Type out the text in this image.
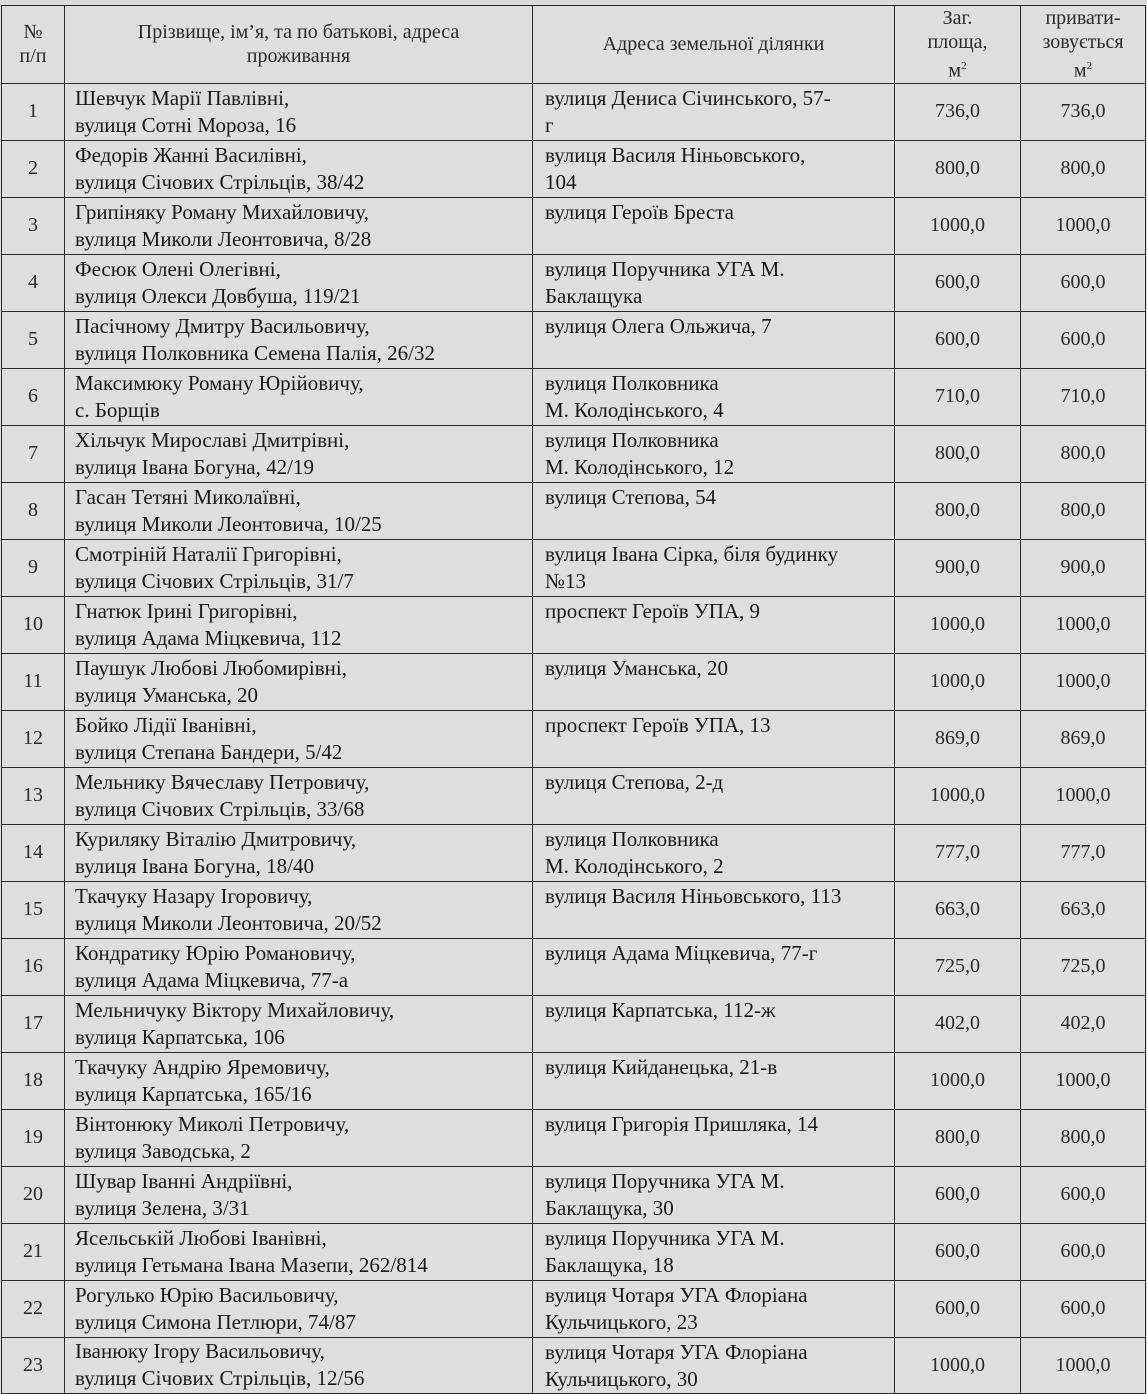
№
п/п	Прізвище, ім’я, та по батькові, адреса
проживання	Адреса земельної ділянки	Заг.
площа,
$м^2$	привати-
зовується
$м^2$

1	Шевчук Марії Павлівні,
вулиця Сотні Мороза, 16	вулиця Дениса Січинського, 57-
г	736,0	736,0
2	Федорів Жанні Василівні,
вулиця Січових Стрільців, 38/42	вулиця Василя Ніньовського,
104	800,0	800,0
3	Грипіняку Роману Михайловичу,
вулиця Миколи Леонтовича, 8/28	вулиця Героїв Бреста	1000,0	1000,0
4	Фесюк Олені Олегівні,
вулиця Олекси Довбуша, 119/21	вулиця Поручника УГА М.
Баклащука	600,0	600,0
5	Пасічному Дмитру Васильовичу,
вулиця Полковника Семена Палія, 26/32	вулиця Олега Ольжича, 7	600,0	600,0
6	Максимюку Роману Юрійовичу,
с. Борщів	вулиця Полковника
М. Колодінського, 4	710,0	710,0
7	Хільчук Мирославі Дмитрівні,
вулиця Івана Богуна, 42/19	вулиця Полковника
М. Колодінського, 12	800,0	800,0
8	Гасан Тетяні Миколаївні,
вулиця Миколи Леонтовича, 10/25	вулиця Степова, 54	800,0	800,0
9	Смотріній Наталії Григорівні,
вулиця Січових Стрільців, 31/7	вулиця Івана Сірка, біля будинку
№13	900,0	900,0
10	Гнатюк Ірині Григорівні,
вулиця Адама Міцкевича, 112	проспект Героїв УПА, 9	1000,0	1000,0
11	Паушук Любові Любомирівні,
вулиця Уманська, 20	вулиця Уманська, 20	1000,0	1000,0
12	Бойко Лідії Іванівні,
вулиця Степана Бандери, 5/42	проспект Героїв УПА, 13	869,0	869,0
13	Мельнику Вячеславу Петровичу,
вулиця Січових Стрільців, 33/68	вулиця Степова, 2-д	1000,0	1000,0
14	Куриляку Віталію Дмитровичу,
вулиця Івана Богуна, 18/40	вулиця Полковника
М. Колодінського, 2	777,0	777,0
15	Ткачуку Назару Ігоровичу,
вулиця Миколи Леонтовича, 20/52	вулиця Василя Ніньовського, 113	663,0	663,0
16	Кондратику Юрію Романовичу,
вулиця Адама Міцкевича, 77-а	вулиця Адама Міцкевича, 77-г	725,0	725,0
17	Мельничуку Віктору Михайловичу,
вулиця Карпатська, 106	вулиця Карпатська, 112-ж	402,0	402,0
18	Ткачуку Андрію Яремовичу,
вулиця Карпатська, 165/16	вулиця Кийданецька, 21-в	1000,0	1000,0
19	Вінтонюку Миколі Петровичу,
вулиця Заводська, 2	вулиця Григорія Пришляка, 14	800,0	800,0
20	Шувар Іванні Андріївні,
вулиця Зелена, 3/31	вулиця Поручника УГА М.
Баклащука, 30	600,0	600,0
21	Ясельській Любові Іванівні,
вулиця Гетьмана Івана Мазепи, 262/814	вулиця Поручника УГА М.
Баклащука, 18	600,0	600,0
22	Рогулько Юрію Васильовичу,
вулиця Симона Петлюри, 74/87	вулиця Чотаря УГА Флоріана
Кульчицького, 23	600,0	600,0
23	Іванюку Ігору Васильовичу,
вулиця Січових Стрільців, 12/56	вулиця Чотаря УГА Флоріана
Кульчицького, 30	1000,0	1000,0
